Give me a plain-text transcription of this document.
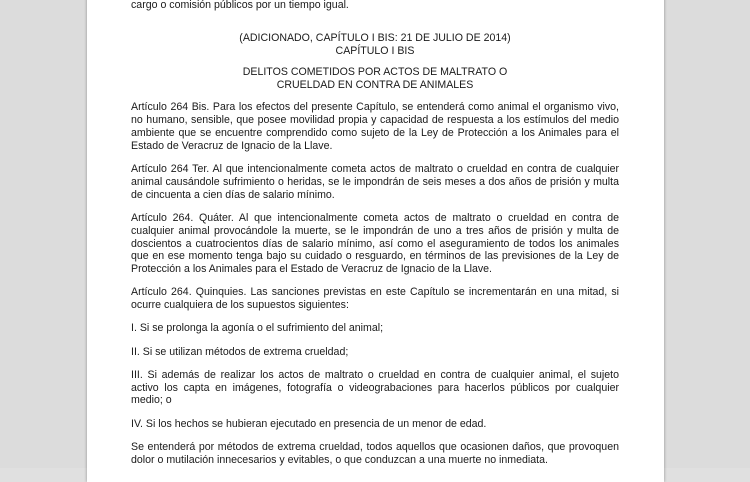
cargo o comisión públicos por un tiempo igual.
(ADICIONADO, CAPÍTULO I BIS: 21 DE JULIO DE 2014)
CAPÍTULO I BIS
DELITOS COMETIDOS POR ACTOS DE MALTRATO O
CRUELDAD EN CONTRA DE ANIMALES

Artículo 264 Bis. Para los efectos del presente Capítulo, se entenderá como animal el organismo vivo, no humano, sensible, que posee movilidad propia y capacidad de respuesta a los estímulos del medio ambiente que se encuentre comprendido como sujeto de la Ley de Protección a los Animales para el Estado de Veracruz de Ignacio de la Llave.

Artículo 264 Ter. Al que intencionalmente cometa actos de maltrato o crueldad en contra de cualquier animal causándole sufrimiento o heridas, se le impondrán de seis meses a dos años de prisión y multa de cincuenta a cien días de salario mínimo.

Artículo 264. Quáter. Al que intencionalmente cometa actos de maltrato o crueldad en contra de cualquier animal provocándole la muerte, se le impondrán de uno a tres años de prisión y multa de doscientos a cuatrocientos días de salario mínimo, así como el aseguramiento de todos los animales que en ese momento tenga bajo su cuidado o resguardo, en términos de las previsiones de la Ley de Protección a los Animales para el Estado de Veracruz de Ignacio de la Llave.

Artículo 264. Quinquies. Las sanciones previstas en este Capítulo se incrementarán en una mitad, si ocurre cualquiera de los supuestos siguientes:

I. Si se prolonga la agonía o el sufrimiento del animal;

II. Si se utilizan métodos de extrema crueldad;

III. Si además de realizar los actos de maltrato o crueldad en contra de cualquier animal, el sujeto activo los capta en imágenes, fotografía o videograbaciones para hacerlos públicos por cualquier medio; o

IV. Si los hechos se hubieran ejecutado en presencia de un menor de edad.

Se entenderá por métodos de extrema crueldad, todos aquellos que ocasionen daños, que provoquen dolor o mutilación innecesarios y evitables, o que conduzcan a una muerte no inmediata.
